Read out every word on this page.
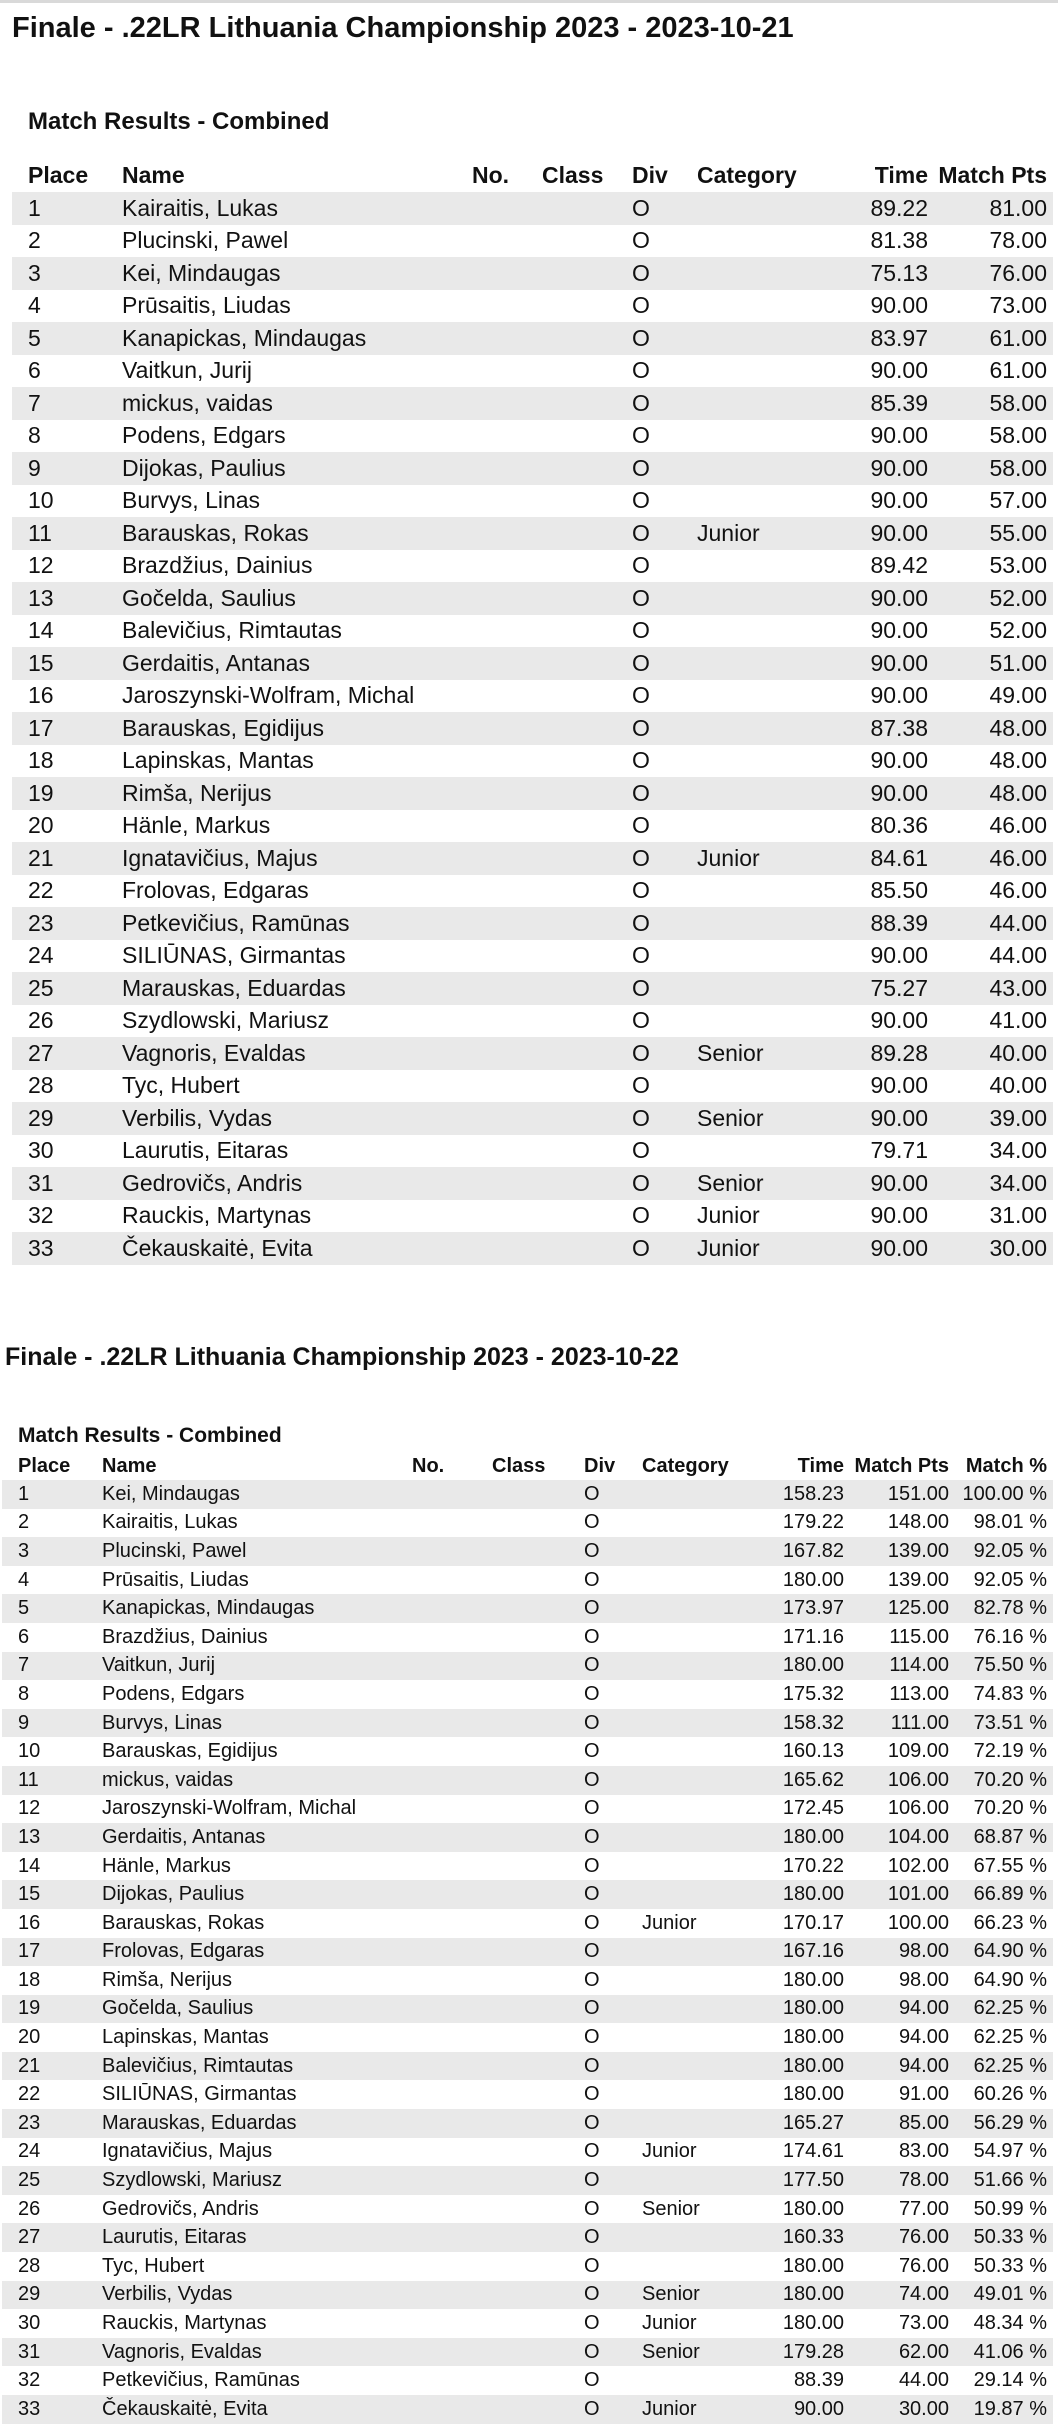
Finale - .22LR Lithuania Championship 2023 - 2023-10-21
Match Results - Combined
Place	Name	No.	Class	Div	Category	Time	Match Pts
1	Kairaitis, Lukas			O		89.22	81.00
2	Plucinski, Pawel			O		81.38	78.00
3	Kei, Mindaugas			O		75.13	76.00
4	Prūsaitis, Liudas			O		90.00	73.00
5	Kanapickas, Mindaugas			O		83.97	61.00
6	Vaitkun, Jurij			O		90.00	61.00
7	mickus, vaidas			O		85.39	58.00
8	Podens, Edgars			O		90.00	58.00
9	Dijokas, Paulius			O		90.00	58.00
10	Burvys, Linas			O		90.00	57.00
11	Barauskas, Rokas			O	Junior	90.00	55.00
12	Brazdžius, Dainius			O		89.42	53.00
13	Gočelda, Saulius			O		90.00	52.00
14	Balevičius, Rimtautas			O		90.00	52.00
15	Gerdaitis, Antanas			O		90.00	51.00
16	Jaroszynski-Wolfram, Michal			O		90.00	49.00
17	Barauskas, Egidijus			O		87.38	48.00
18	Lapinskas, Mantas			O		90.00	48.00
19	Rimša, Nerijus			O		90.00	48.00
20	Hänle, Markus			O		80.36	46.00
21	Ignatavičius, Majus			O	Junior	84.61	46.00
22	Frolovas, Edgaras			O		85.50	46.00
23	Petkevičius, Ramūnas			O		88.39	44.00
24	SILIŪNAS, Girmantas			O		90.00	44.00
25	Marauskas, Eduardas			O		75.27	43.00
26	Szydlowski, Mariusz			O		90.00	41.00
27	Vagnoris, Evaldas			O	Senior	89.28	40.00
28	Tyc, Hubert			O		90.00	40.00
29	Verbilis, Vydas			O	Senior	90.00	39.00
30	Laurutis, Eitaras			O		79.71	34.00
31	Gedrovičs, Andris			O	Senior	90.00	34.00
32	Rauckis, Martynas			O	Junior	90.00	31.00
33	Čekauskaitė, Evita			O	Junior	90.00	30.00
Finale - .22LR Lithuania Championship 2023 - 2023-10-22
Match Results - Combined
Place	Name	No.	Class	Div	Category	Time	Match Pts	Match %
1	Kei, Mindaugas			O		158.23	151.00	100.00 %
2	Kairaitis, Lukas			O		179.22	148.00	98.01 %
3	Plucinski, Pawel			O		167.82	139.00	92.05 %
4	Prūsaitis, Liudas			O		180.00	139.00	92.05 %
5	Kanapickas, Mindaugas			O		173.97	125.00	82.78 %
6	Brazdžius, Dainius			O		171.16	115.00	76.16 %
7	Vaitkun, Jurij			O		180.00	114.00	75.50 %
8	Podens, Edgars			O		175.32	113.00	74.83 %
9	Burvys, Linas			O		158.32	111.00	73.51 %
10	Barauskas, Egidijus			O		160.13	109.00	72.19 %
11	mickus, vaidas			O		165.62	106.00	70.20 %
12	Jaroszynski-Wolfram, Michal			O		172.45	106.00	70.20 %
13	Gerdaitis, Antanas			O		180.00	104.00	68.87 %
14	Hänle, Markus			O		170.22	102.00	67.55 %
15	Dijokas, Paulius			O		180.00	101.00	66.89 %
16	Barauskas, Rokas			O	Junior	170.17	100.00	66.23 %
17	Frolovas, Edgaras			O		167.16	98.00	64.90 %
18	Rimša, Nerijus			O		180.00	98.00	64.90 %
19	Gočelda, Saulius			O		180.00	94.00	62.25 %
20	Lapinskas, Mantas			O		180.00	94.00	62.25 %
21	Balevičius, Rimtautas			O		180.00	94.00	62.25 %
22	SILIŪNAS, Girmantas			O		180.00	91.00	60.26 %
23	Marauskas, Eduardas			O		165.27	85.00	56.29 %
24	Ignatavičius, Majus			O	Junior	174.61	83.00	54.97 %
25	Szydlowski, Mariusz			O		177.50	78.00	51.66 %
26	Gedrovičs, Andris			O	Senior	180.00	77.00	50.99 %
27	Laurutis, Eitaras			O		160.33	76.00	50.33 %
28	Tyc, Hubert			O		180.00	76.00	50.33 %
29	Verbilis, Vydas			O	Senior	180.00	74.00	49.01 %
30	Rauckis, Martynas			O	Junior	180.00	73.00	48.34 %
31	Vagnoris, Evaldas			O	Senior	179.28	62.00	41.06 %
32	Petkevičius, Ramūnas			O		88.39	44.00	29.14 %
33	Čekauskaitė, Evita			O	Junior	90.00	30.00	19.87 %
